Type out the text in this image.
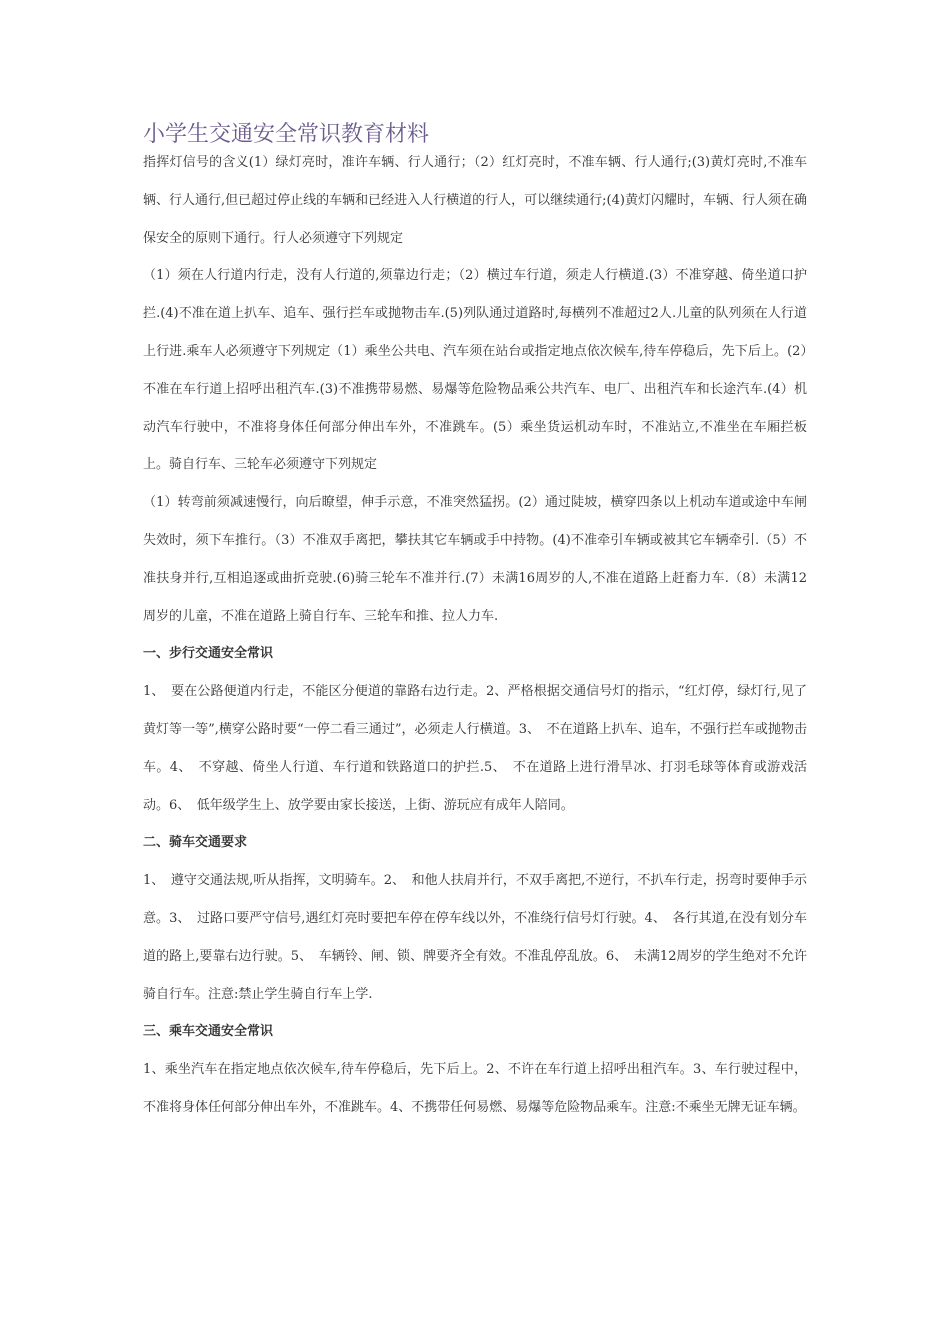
小学生交通安全常识教育材料

指挥灯信号的含义(1）绿灯亮时，准许车辆、行人通行；（2）红灯亮时，不准车辆、行人通行;(3)黄灯亮时,不准车辆、行人通行,但已超过停止线的车辆和已经进入人行横道的行人，可以继续通行;(4)黄灯闪耀时，车辆、行人须在确保安全的原则下通行。行人必须遵守下列规定

（1）须在人行道内行走，没有人行道的,须靠边行走；（2）横过车行道，须走人行横道.(3）不准穿越、倚坐道口护拦.(4)不准在道上扒车、追车、强行拦车或抛物击车.(5)列队通过道路时,每横列不准超过2人.儿童的队列须在人行道上行进.乘车人必须遵守下列规定（1）乘坐公共电、汽车须在站台或指定地点依次候车,待车停稳后，先下后上。(2）不准在车行道上招呼出租汽车.(3)不准携带易燃、易爆等危险物品乘公共汽车、电厂、出租汽车和长途汽车.(4）机动汽车行驶中，不准将身体任何部分伸出车外，不准跳车。(5）乘坐货运机动车时，不准站立,不准坐在车厢拦板上。骑自行车、三轮车必须遵守下列规定

（1）转弯前须减速慢行，向后瞭望，伸手示意，不准突然猛拐。(2）通过陡坡，横穿四条以上机动车道或途中车闸失效时，须下车推行。（3）不准双手离把，攀扶其它车辆或手中持物。(4)不准牵引车辆或被其它车辆牵引.（5）不准扶身并行,互相追逐或曲折竞驶.(6)骑三轮车不准并行.(7）未满16周岁的人,不准在道路上赶畜力车.（8）未满12周岁的儿童，不准在道路上骑自行车、三轮车和推、拉人力车.

一、步行交通安全常识

1、　要在公路便道内行走，不能区分便道的靠路右边行走。2、严格根据交通信号灯的指示，“红灯停，绿灯行,见了黄灯等一等”,横穿公路时要“一停二看三通过”，必须走人行横道。3、　不在道路上扒车、追车，不强行拦车或抛物击车。4、　不穿越、倚坐人行道、车行道和铁路道口的护拦.5、　不在道路上进行滑旱冰、打羽毛球等体育或游戏活动。6、　低年级学生上、放学要由家长接送，上街、游玩应有成年人陪同。

二、骑车交通要求

1、　遵守交通法规,听从指挥，文明骑车。2、　和他人扶肩并行，不双手离把,不逆行，不扒车行走，拐弯时要伸手示意。3、　过路口要严守信号,遇红灯亮时要把车停在停车线以外，不准绕行信号灯行驶。4、　各行其道,在没有划分车道的路上,要靠右边行驶。5、　车辆铃、闸、锁、牌要齐全有效。不准乱停乱放。6、　未满12周岁的学生绝对不允许骑自行车。注意:禁止学生骑自行车上学.

三、乘车交通安全常识

1、乘坐汽车在指定地点依次候车,待车停稳后，先下后上。2、不许在车行道上招呼出租汽车。3、车行驶过程中，不准将身体任何部分伸出车外，不准跳车。4、不携带任何易燃、易爆等危险物品乘车。注意:不乘坐无牌无证车辆。
